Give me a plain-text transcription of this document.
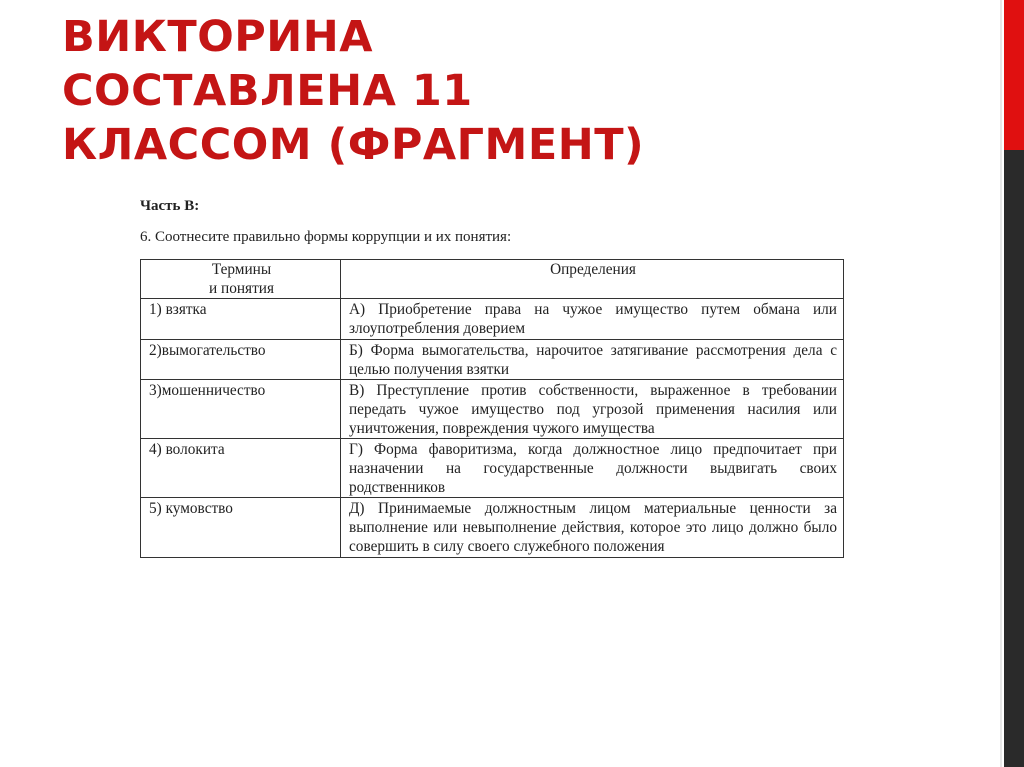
ВИКТОРИНА
СОСТАВЛЕНА 11
КЛАССОМ (ФРАГМЕНТ)
Часть В:
6. Соотнесите правильно формы коррупции и их понятия:
Термины
и понятия	Определения
1) взятка	А) Приобретение права на чужое имущество путем обмана или злоупотребления доверием
2)вымогательство	Б) Форма вымогательства, нарочитое затягивание рассмотрения дела с целью получения взятки
3)мошенничество	В) Преступление против собственности, выраженное в требовании передать чужое имущество под угрозой применения насилия или уничтожения, повреждения чужого имущества
4) волокита	Г) Форма фаворитизма, когда должностное лицо предпочитает при назначении на государственные должности выдвигать своих родственников
5) кумовство	Д) Принимаемые должностным лицом материальные ценности за выполнение или невыполнение действия, которое это лицо должно было совершить в силу своего служебного положения
